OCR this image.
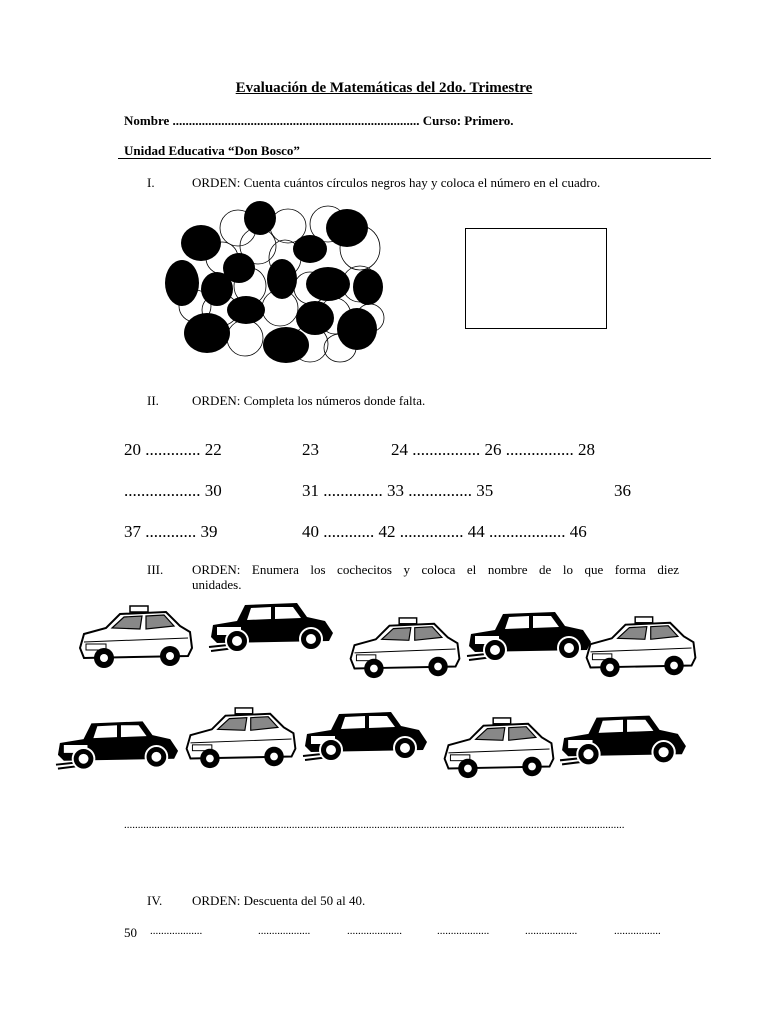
Evaluación de Matemáticas del 2do. Trimestre
Nombre ............................................................................ Curso: Primero.
Unidad Educativa “Don Bosco”
I.	ORDEN: Cuenta cuántos círculos negros hay y coloca el número en el cuadro.
II.	ORDEN: Completa los números donde falta.
20 ............. 22	23	24 ................ 26 ................ 28
.................. 30	31 .............. 33 ............... 35	36
37 ............ 39	40 ............ 42 ............... 44 .................. 46
III. ORDEN: Enumera los cochecitos y coloca el nombre de lo que forma diez
unidades.
......................................................................................................................................................................................
IV. ORDEN: Descuenta del 50 al 40.
50 ...................	...................	....................	...................	...................	.................
